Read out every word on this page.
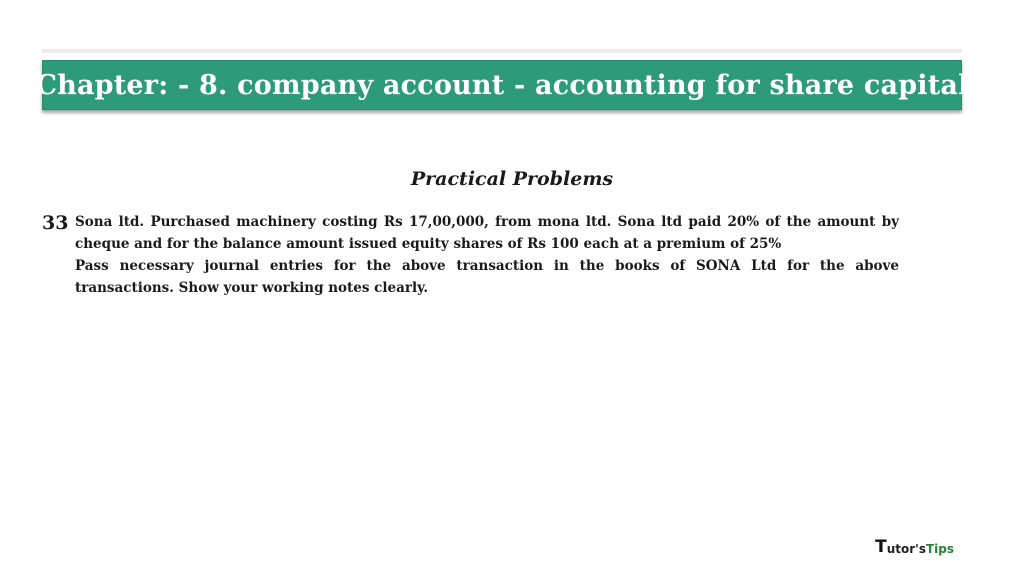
Chapter: - 8. company account - accounting for share capital
Practical Problems
33 Sona ltd. Purchased machinery costing Rs 17,00,000, from mona ltd. Sona ltd paid 20% of the amount by cheque and for the balance amount issued equity shares of Rs 100 each at a premium of 25%

Pass necessary journal entries for the above transaction in the books of SONA Ltd for the above transactions. Show your working notes clearly.

T utor's Tips
